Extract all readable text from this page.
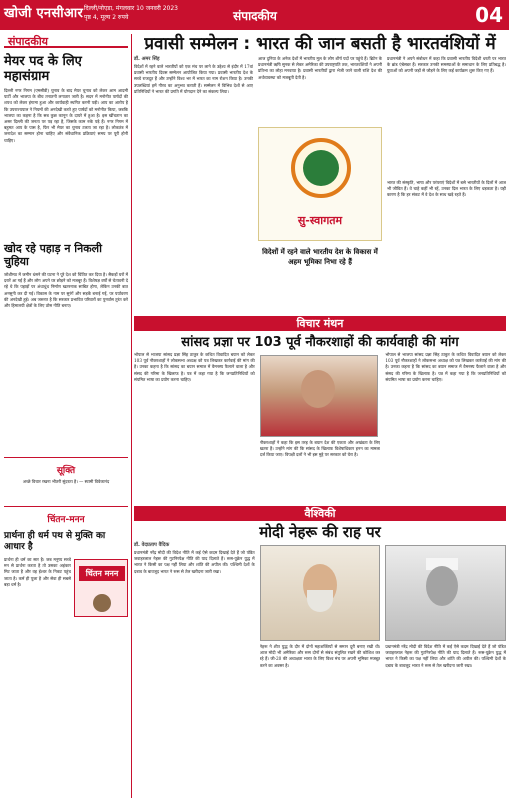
खोजी एनसीआर दिल्ली/नोएडा, मंगलवार 10 जनवरी 2023
पृष्ठ 4, मूल्य 2 रुपये	संपादकीय	04
संपादकीय
मेयर पद के लिए महासंग्राम
दिल्ली नगर निगम (एमसीडी) चुनाव के बाद मेयर चुनाव को लेकर आम आदमी पार्टी और भाजपा के बीच तनातनी लगातार जारी है। सदन में मनोनीत पार्षदों की शपथ को लेकर हंगामा हुआ और कार्यवाही स्थगित करनी पड़ी। आप का आरोप है कि उपराज्यपाल ने नियमों की अनदेखी करते हुए पार्षदों को मनोनीत किया, जबकि भाजपा का कहना है कि सब कुछ कानून के दायरे में हुआ है। इस खींचतान का असर दिल्ली की जनता पर पड़ रहा है, जिसके काम रुके पड़े हैं। नगर निगम में बहुमत आप के पास है, फिर भी मेयर का चुनाव टलता जा रहा है। लोकतंत्र में जनादेश का सम्मान होना चाहिए और संवैधानिक प्रक्रियाएं समय पर पूरी होनी चाहिए।
खोद रहे पहाड़ न निकली चुहिया
जोशीमठ में जमीन धंसने की घटना ने पूरे देश को चिंतित कर दिया है। सैकड़ों घरों में दरारें आ गई हैं और लोग अपने घर छोड़ने को मजबूर हैं। विशेषज्ञ वर्षों से चेतावनी दे रहे थे कि पहाड़ों पर अंधाधुंध निर्माण खतरनाक साबित होगा, लेकिन उनकी बात अनसुनी कर दी गई। विकास के नाम पर सुरंगें और सड़कें बनाई गईं, पर पर्यावरण की अनदेखी हुई। अब जरूरत है कि सरकार प्रभावित परिवारों का पुनर्वास तुरंत करे और हिमालयी क्षेत्रों के लिए ठोस नीति बनाए।
सूक्ति
अच्छे विचार रखना भीतरी सुंदरता है। — स्वामी विवेकानंद
चिंतन-मनन
प्रार्थना ही धर्म पथ से मुक्ति का आधार है
चिंतन मनन
प्रार्थना ही धर्म का सार है। जब मनुष्य सच्चे मन से प्रार्थना करता है तो उसका अहंकार मिट जाता है और वह ईश्वर के निकट पहुंच जाता है। कर्म ही पूजा है और सेवा ही सबसे बड़ा धर्म है।
प्रवासी सम्मेलन : भारत की जान बसती है भारतवंशियों में
डॉ. अमर सिंह
विदेशों में रहने वाले भारतीयों को एक मंच पर लाने के उद्देश्य से इंदौर में 17वां प्रवासी भारतीय दिवस सम्मेलन आयोजित किया गया। प्रवासी भारतीय देश के सच्चे राजदूत हैं और उन्होंने विश्व भर में भारत का नाम रोशन किया है। उनकी उपलब्धियां हमें गौरव का अनुभव कराती हैं। सम्मेलन में विभिन्न देशों से आए प्रतिनिधियों ने भारत की प्रगति में योगदान देने का संकल्प लिया।
आज दुनिया के अनेक देशों में भारतीय मूल के लोग शीर्ष पदों पर पहुंचे हैं। ब्रिटेन के प्रधानमंत्री ऋषि सुनक से लेकर अमेरिका की उपराष्ट्रपति तक, भारतवंशियों ने अपनी प्रतिभा का लोहा मनवाया है। प्रवासी भारतीयों द्वारा भेजी जाने वाली राशि देश की अर्थव्यवस्था को मजबूती देती है।
सु-स्वागतम
विदेशों में रहने वाले भारतीय देश के विकास में अहम भूमिका निभा रहे हैं
प्रधानमंत्री ने अपने संबोधन में कहा कि प्रवासी भारतीय विदेशी धरती पर भारत के ब्रांड एंबेसडर हैं। सरकार उनकी समस्याओं के समाधान के लिए प्रतिबद्ध है। युवाओं को अपनी जड़ों से जोड़ने के लिए कई कार्यक्रम शुरू किए गए हैं।
भारत की संस्कृति, भाषा और परंपराएं विदेशों में बसे भारतीयों के दिलों में आज भी जीवित हैं। वे चाहे कहीं भी रहें, उनका दिल भारत के लिए धड़कता है। यही कारण है कि हर संकट में वे देश के साथ खड़े रहते हैं।
विचार मंथन
सांसद प्रज्ञा पर 103 पूर्व नौकरशाहों की कार्यवाही की मांग
भोपाल से भाजपा सांसद प्रज्ञा सिंह ठाकुर के कथित विवादित बयान को लेकर 103 पूर्व नौकरशाहों ने लोकसभा अध्यक्ष को पत्र लिखकर कार्रवाई की मांग की है। उनका कहना है कि सांसद का बयान समाज में वैमनस्य फैलाने वाला है और संसद की गरिमा के खिलाफ है। पत्र में कहा गया है कि जनप्रतिनिधियों को संयमित भाषा का प्रयोग करना चाहिए।
नौकरशाहों ने कहा कि इस तरह के बयान देश की एकता और अखंडता के लिए खतरा हैं। उन्होंने मांग की कि सांसद के खिलाफ विशेषाधिकार हनन का मामला दर्ज किया जाए। विपक्षी दलों ने भी इस मुद्दे पर सरकार को घेरा है।
भोपाल से भाजपा सांसद प्रज्ञा सिंह ठाकुर के कथित विवादित बयान को लेकर 103 पूर्व नौकरशाहों ने लोकसभा अध्यक्ष को पत्र लिखकर कार्रवाई की मांग की है। उनका कहना है कि सांसद का बयान समाज में वैमनस्य फैलाने वाला है और संसद की गरिमा के खिलाफ है। पत्र में कहा गया है कि जनप्रतिनिधियों को संयमित भाषा का प्रयोग करना चाहिए।
वैश्विकी
मोदी नेहरू की राह पर
डॉ. वेदप्रताप वैदिक
प्रधानमंत्री नरेंद्र मोदी की विदेश नीति में कई ऐसे कदम दिखाई देते हैं जो पंडित जवाहरलाल नेहरू की गुटनिरपेक्ष नीति की याद दिलाते हैं। रूस-यूक्रेन युद्ध में भारत ने किसी का पक्ष नहीं लिया और शांति की अपील की। पश्चिमी देशों के दबाव के बावजूद भारत ने रूस से तेल खरीदना जारी रखा।
नेहरू ने शीत युद्ध के दौर में दोनों महाशक्तियों से समान दूरी बनाए रखी थी। आज मोदी भी अमेरिका और रूस दोनों से संबंध संतुलित रखने की कोशिश कर रहे हैं। जी-20 की अध्यक्षता भारत के लिए विश्व मंच पर अपनी भूमिका मजबूत करने का अवसर है।
प्रधानमंत्री नरेंद्र मोदी की विदेश नीति में कई ऐसे कदम दिखाई देते हैं जो पंडित जवाहरलाल नेहरू की गुटनिरपेक्ष नीति की याद दिलाते हैं। रूस-यूक्रेन युद्ध में भारत ने किसी का पक्ष नहीं लिया और शांति की अपील की। पश्चिमी देशों के दबाव के बावजूद भारत ने रूस से तेल खरीदना जारी रखा।
